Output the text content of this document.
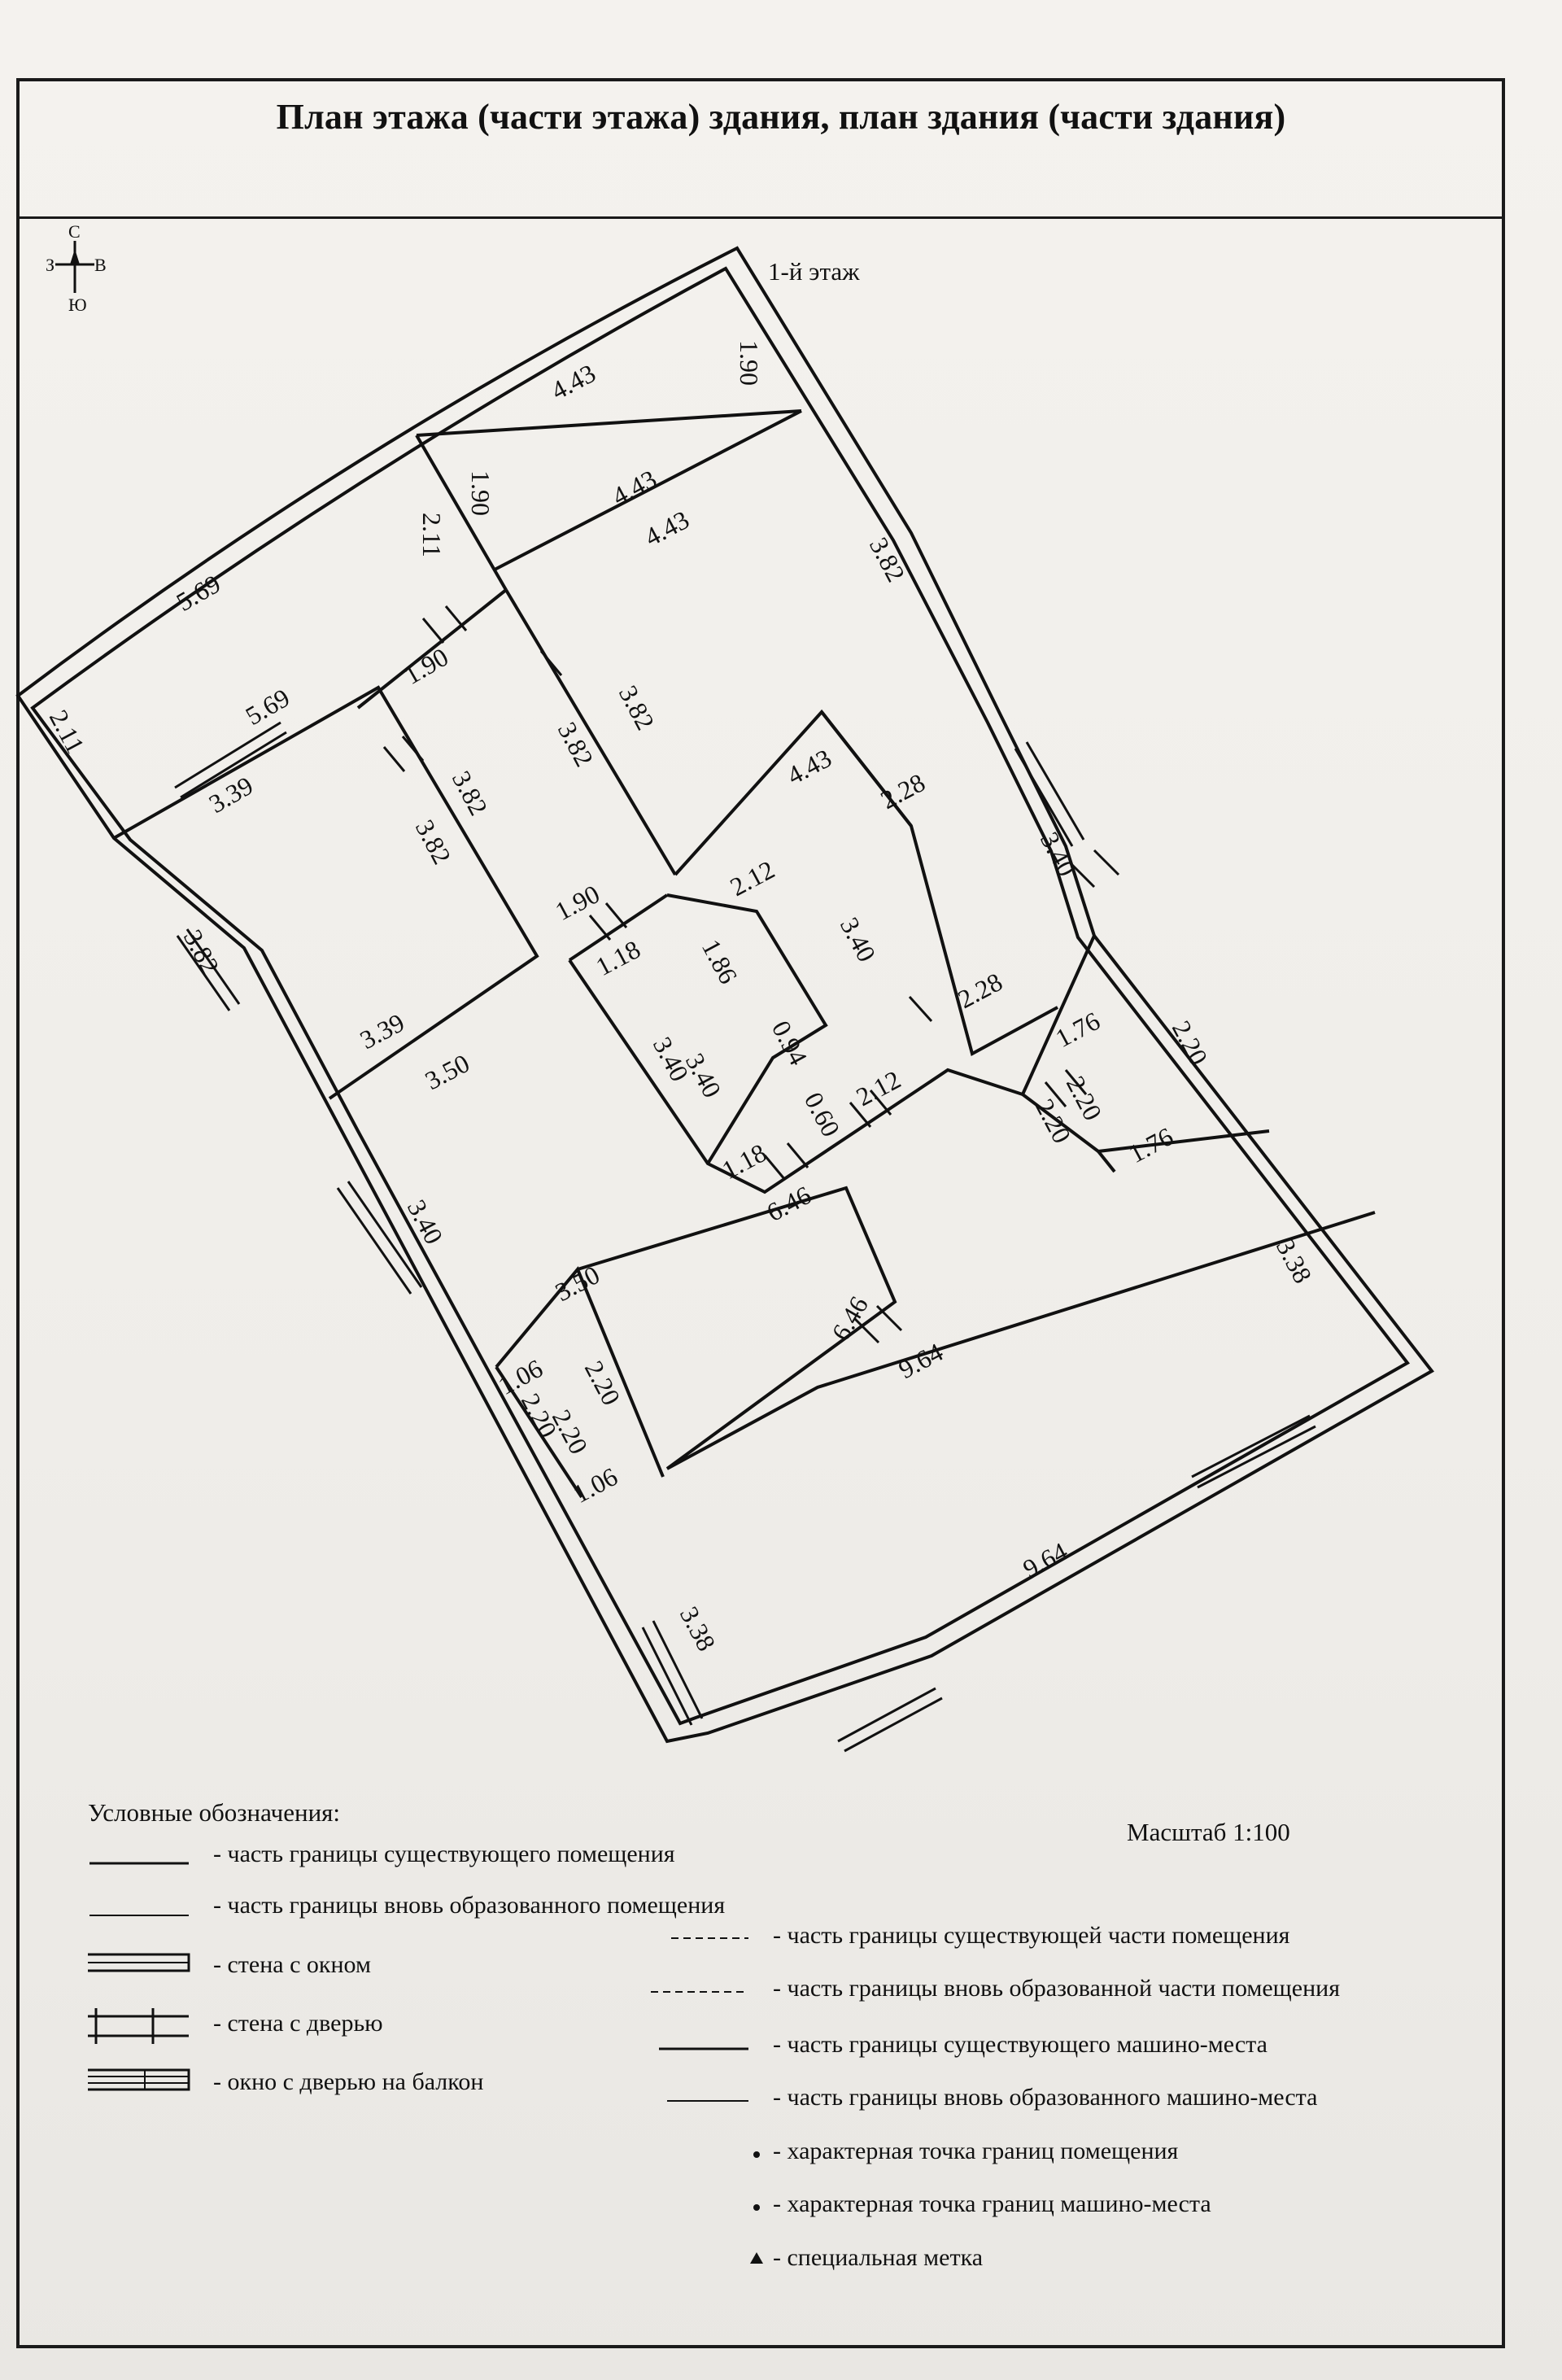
План этажа (части этажа) здания, план здания (части здания)
С
Ю
З В	1-й этаж
4.43	1.90
1.90
2.11
4.43
4.43
5.69
3.82
1.90
5.69
2.11
3.39
3.82
3.82
3.82
3.82
4.43
2.28
2.12	3.40
1.90
1.86	3.40
1.18
3.82
3.39
2.28
3.50	3.40
3.40
0.94	1.76 2.20
2.20
2.20
0.60 2.12
1.76
1.18
6.46
3.40
3.38
3.50
6.46
9.64
1.06 2.20
2.20
2.20
1.06
9.64
3.38
Условные обозначения:
Масштаб 1:100
- часть границы существующего помещения
- часть границы вновь образованного помещения
- стена с окном
- стена с дверью
- окно с дверью на балкон
- часть границы существующей части помещения
- часть границы вновь образованной части помещения
- часть границы существующего машино-места
- часть границы вновь образованного машино-места
- характерная точка границ помещения
- характерная точка границ машино-места
- специальная метка
